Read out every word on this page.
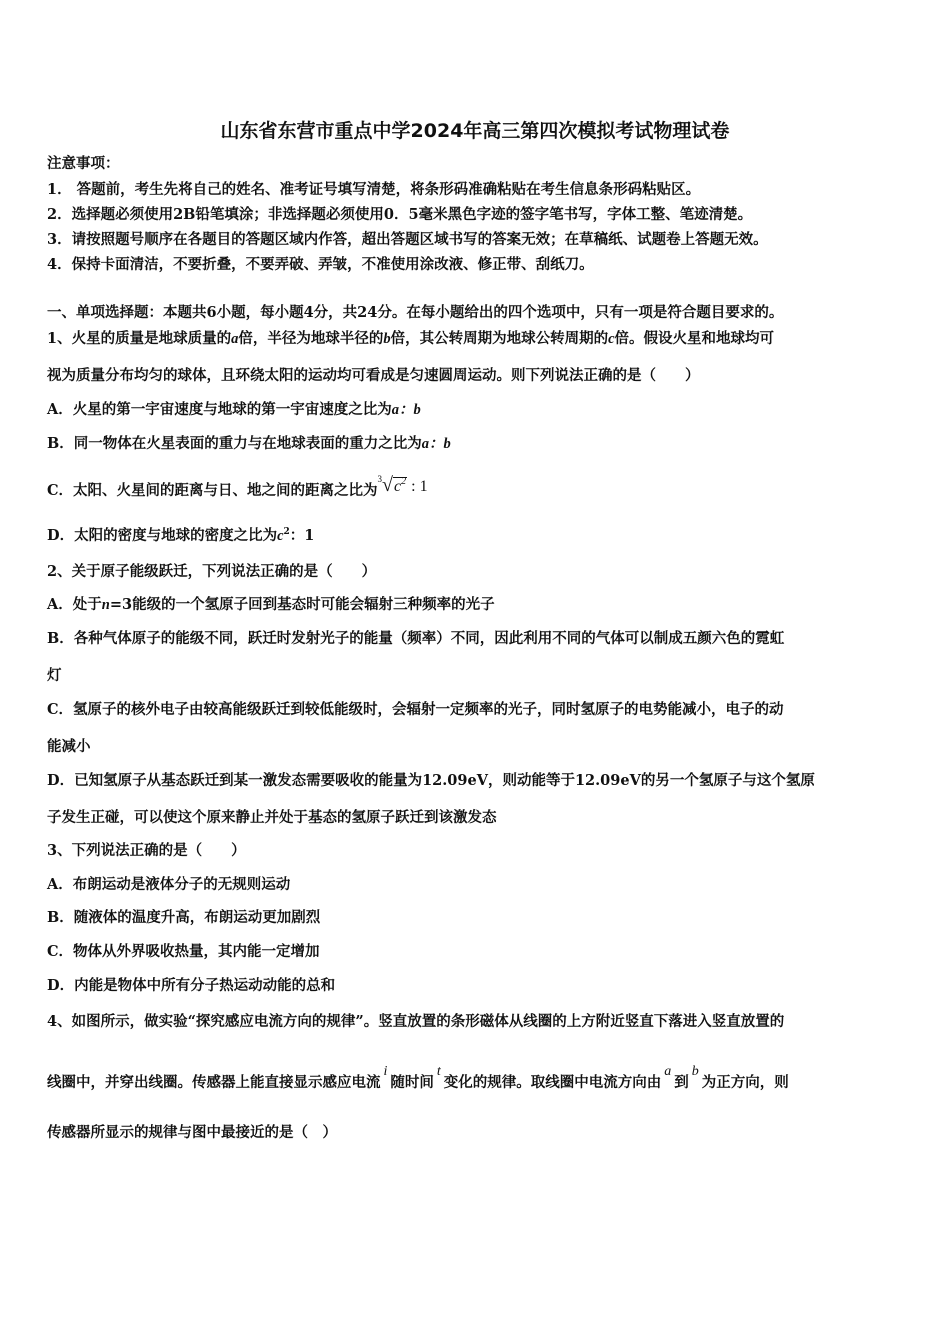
山东省东营市重点中学2024年高三第四次模拟考试物理试卷
注意事项：
1． 答题前，考生先将自己的姓名、准考证号填写清楚，将条形码准确粘贴在考生信息条形码粘贴区。
2．选择题必须使用2B铅笔填涂；非选择题必须使用0．5毫米黑色字迹的签字笔书写，字体工整、笔迹清楚。
3．请按照题号顺序在各题目的答题区域内作答，超出答题区域书写的答案无效；在草稿纸、试题卷上答题无效。
4．保持卡面清洁，不要折叠，不要弄破、弄皱，不准使用涂改液、修正带、刮纸刀。
一、单项选择题：本题共6小题，每小题4分，共24分。在每小题给出的四个选项中，只有一项是符合题目要求的。
1、火星的质量是地球质量的a倍，半径为地球半径的b倍，其公转周期为地球公转周期的c倍。假设火星和地球均可
视为质量分布均匀的球体，且环绕太阳的运动均可看成是匀速圆周运动。则下列说法正确的是（　　）
A．火星的第一宇宙速度与地球的第一宇宙速度之比为a：b
B．同一物体在火星表面的重力与在地球表面的重力之比为a：b
C．太阳、火星间的距离与日、地之间的距离之比为$^3√c^2$ : 1
D．太阳的密度与地球的密度之比为$c^2$：1
2、关于原子能级跃迁，下列说法正确的是（　　）
A．处于n=3能级的一个氢原子回到基态时可能会辐射三种频率的光子
B．各种气体原子的能级不同，跃迁时发射光子的能量（频率）不同，因此利用不同的气体可以制成五颜六色的霓虹
灯
C．氢原子的核外电子由较高能级跃迁到较低能级时，会辐射一定频率的光子，同时氢原子的电势能减小，电子的动
能减小
D．已知氢原子从基态跃迁到某一激发态需要吸收的能量为12.09eV，则动能等于12.09eV的另一个氢原子与这个氢原
子发生正碰，可以使这个原来静止并处于基态的氢原子跃迁到该激发态
3、下列说法正确的是（　　）
A．布朗运动是液体分子的无规则运动
B．随液体的温度升高，布朗运动更加剧烈
C．物体从外界吸收热量，其内能一定增加
D．内能是物体中所有分子热运动动能的总和
4、如图所示，做实验“探究感应电流方向的规律”。竖直放置的条形磁体从线圈的上方附近竖直下落进入竖直放置的
线圈中，并穿出线圈。传感器上能直接显示感应电流i随时间t变化的规律。取线圈中电流方向由a到b为正方向，则
传感器所显示的规律与图中最接近的是（　）
